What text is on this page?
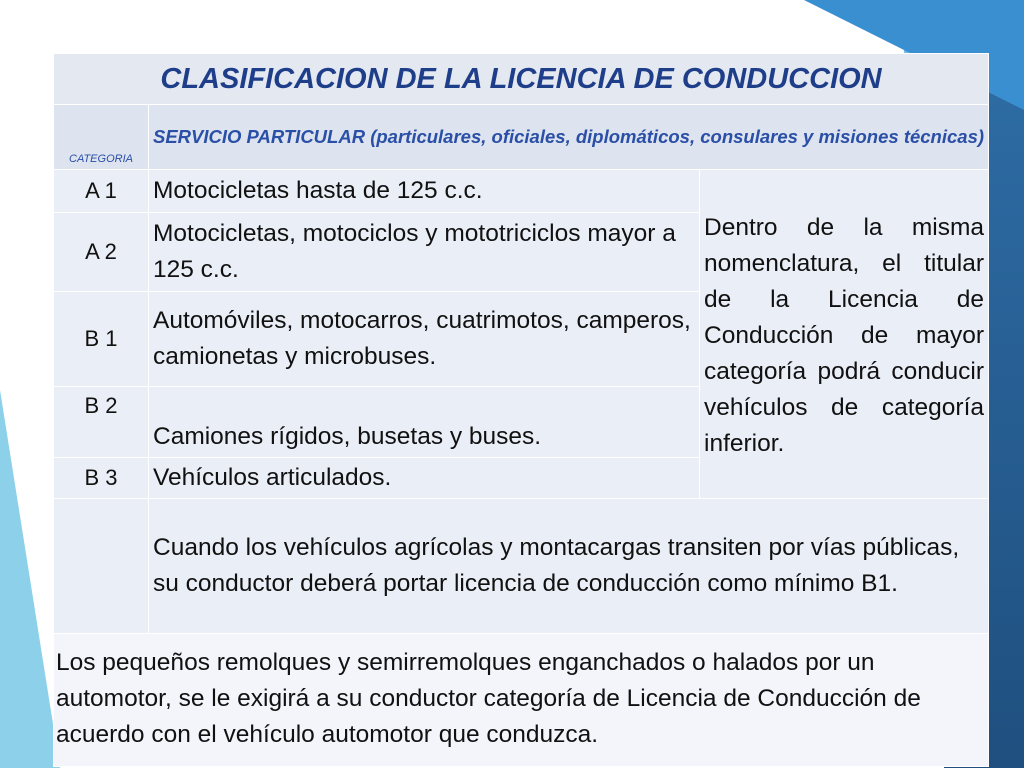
CLASIFICACION DE LA LICENCIA DE CONDUCCION		
CATEGORIA	SERVICIO PARTICULAR (particulares, oficiales, diplomáticos, consulares y misiones técnicas)	
A 1	Motocicletas hasta de 125 c.c.	Dentro de la misma nomenclatura, el titular de la Licencia de Conducción de mayor categoría podrá conducir vehículos de categoría inferior.
A 2	Motocicletas, motociclos y mototriciclos mayor a 125 c.c.	
B 1	Automóviles, motocarros, cuatrimotos, camperos, camionetas y microbuses.	
B 2	Camiones rígidos, busetas y buses.	
B 3	Vehículos articulados.	
	Cuando los vehículos agrícolas y montacargas transiten por vías públicas, su conductor deberá portar licencia de conducción como mínimo B1.	
Los pequeños remolques y semirremolques enganchados o halados por un automotor, se le exigirá a su conductor categoría de Licencia de Conducción de acuerdo con el vehículo automotor que conduzca.		
